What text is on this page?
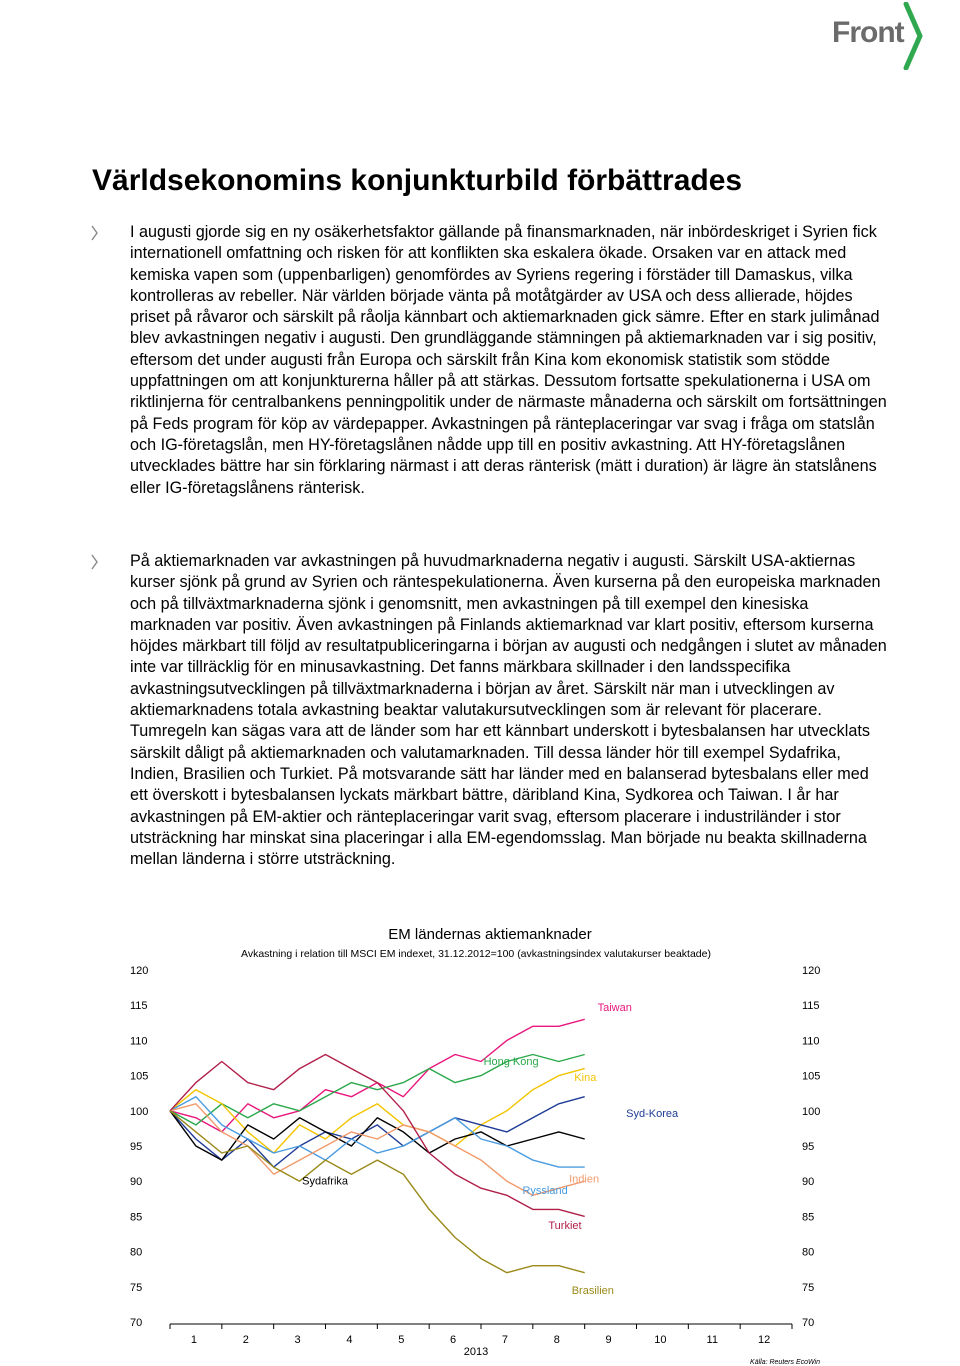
Front
Världsekonomins konjunkturbild förbättrades

I augusti gjorde sig en ny osäkerhetsfaktor gällande på finansmarknaden, när inbördeskriget i Syrien fick internationell omfattning och risken för att konflikten ska eskalera ökade. Orsaken var en attack med kemiska vapen som (uppenbarligen) genomfördes av Syriens regering i förstäder till Damaskus, vilka kontrolleras av rebeller. När världen började vänta på motåtgärder av USA och dess allierade, höjdes priset på råvaror och särskilt på råolja kännbart och aktiemarknaden gick sämre. Efter en stark julimånad blev avkastningen negativ i augusti. Den grundläggande stämningen på aktiemarknaden var i sig positiv, eftersom det under augusti från Europa och särskilt från Kina kom ekonomisk statistik som stödde uppfattningen om att konjunkturerna håller på att stärkas. Dessutom fortsatte spekulationerna i USA om riktlinjerna för centralbankens penningpolitik under de närmaste månaderna och särskilt om fortsättningen på Feds program för köp av värdepapper. Avkastningen på ränteplaceringar var svag i fråga om statslån och IG-företagslån, men HY-företagslånen nådde upp till en positiv avkastning. Att HY-företagslånen utvecklades bättre har sin förklaring närmast i att deras ränterisk (mätt i duration) är lägre än statslånens eller IG-företagslånens ränterisk.

På aktiemarknaden var avkastningen på huvudmarknaderna negativ i augusti. Särskilt USA-aktiernas kurser sjönk på grund av Syrien och räntespekulationerna. Även kurserna på den europeiska marknaden och på tillväxtmarknaderna sjönk i genomsnitt, men avkastningen på till exempel den kinesiska marknaden var positiv. Även avkastningen på Finlands aktiemarknad var klart positiv, eftersom kurserna höjdes märkbart till följd av resultatpubliceringarna i början av augusti och nedgången i slutet av månaden inte var tillräcklig för en minusavkastning. Det fanns märkbara skillnader i den landsspecifika avkastningsutvecklingen på tillväxtmarknaderna i början av året. Särskilt när man i utvecklingen av aktiemarknadens totala avkastning beaktar valutakursutvecklingen som är relevant för placerare. Tumregeln kan sägas vara att de länder som har ett kännbart underskott i bytesbalansen har utvecklats särskilt dåligt på aktiemarknaden och valutamarknaden. Till dessa länder hör till exempel Sydafrika, Indien, Brasilien och Turkiet. På motsvarande sätt har länder med en balanserad bytesbalans eller med ett överskott i bytesbalansen lyckats märkbart bättre, däribland Kina, Sydkorea och Taiwan. I år har avkastningen på EM-aktier och ränteplaceringar varit svag, eftersom placerare i industriländer i stor utsträckning har minskat sina placeringar i alla EM-egendomsslag. Man började nu beakta skillnaderna mellan länderna i större utsträckning.

EM ländernas aktiemanknader
Avkastning i relation till MSCI EM indexet, 31.12.2012=100 (avkastningsindex valutakurser beaktade)
120
115
110
105
100
95
90
85
80
75
70
120
115
110
105
100
95
90
85
80
75
70
1	2	3	4	5	6	7	8	9	10	11	12
Taiwan
Hong Kong
Kina
Syd-Korea
Sydafrika
Ryssland
Indien
Turkiet
Brasilien
2013
Källa: Reuters EcoWin
